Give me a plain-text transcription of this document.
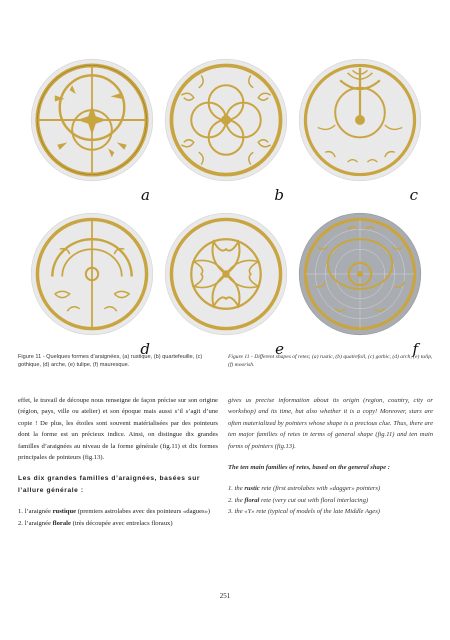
a	b	c
d	e	f

Figure 11 - Quelques formes d’araignées, (a) rustique, (b) quartefeuille, (c) gothique, (d) arche, (e) tulipe, (f) mauresque.

Figure 11 - Different shapes of retes; (a) rustic, (b) quatrefoil, (c) gothic, (d) arch, (e) tulip, (f) moorish.

effet, le travail de découpe nous renseigne de façon précise sur son origine (région, pays, ville ou atelier) et son époque mais aussi s’il s’agit d’une copie ! De plus, les étoiles sont souvent matérialisées par des pointeurs dont la forme est un précieux indice. Ainsi, on distingue dix grandes familles d’araignées au niveau de la forme générale (fig.11) et dix formes principales de pointeurs (fig.13).

Les dix grandes familles d’araignées, basées sur l’allure générale :

1. l’araignée rustique (premiers astrolabes avec des pointeurs «dagues»)
2. l’araignée florale (très découpée avec entrelacs floraux)

gives us precise information about its origin (region, country, city or workshop) and its time, but also whether it is a copy! Moreover, stars are often materialized by pointers whose shape is a precious clue. Thus, there are ten major families of retes in terms of general shape (fig.11) and ten main forms of pointers (fig.13).

The ten main families of retes, based on the general shape :

1. the rustic rete (first astrolabes with «dagger» pointers)
2. the floral rete (very cut out with floral interlacing)
3. the «Y» rete (typical of models of the late Middle Ages)
251
